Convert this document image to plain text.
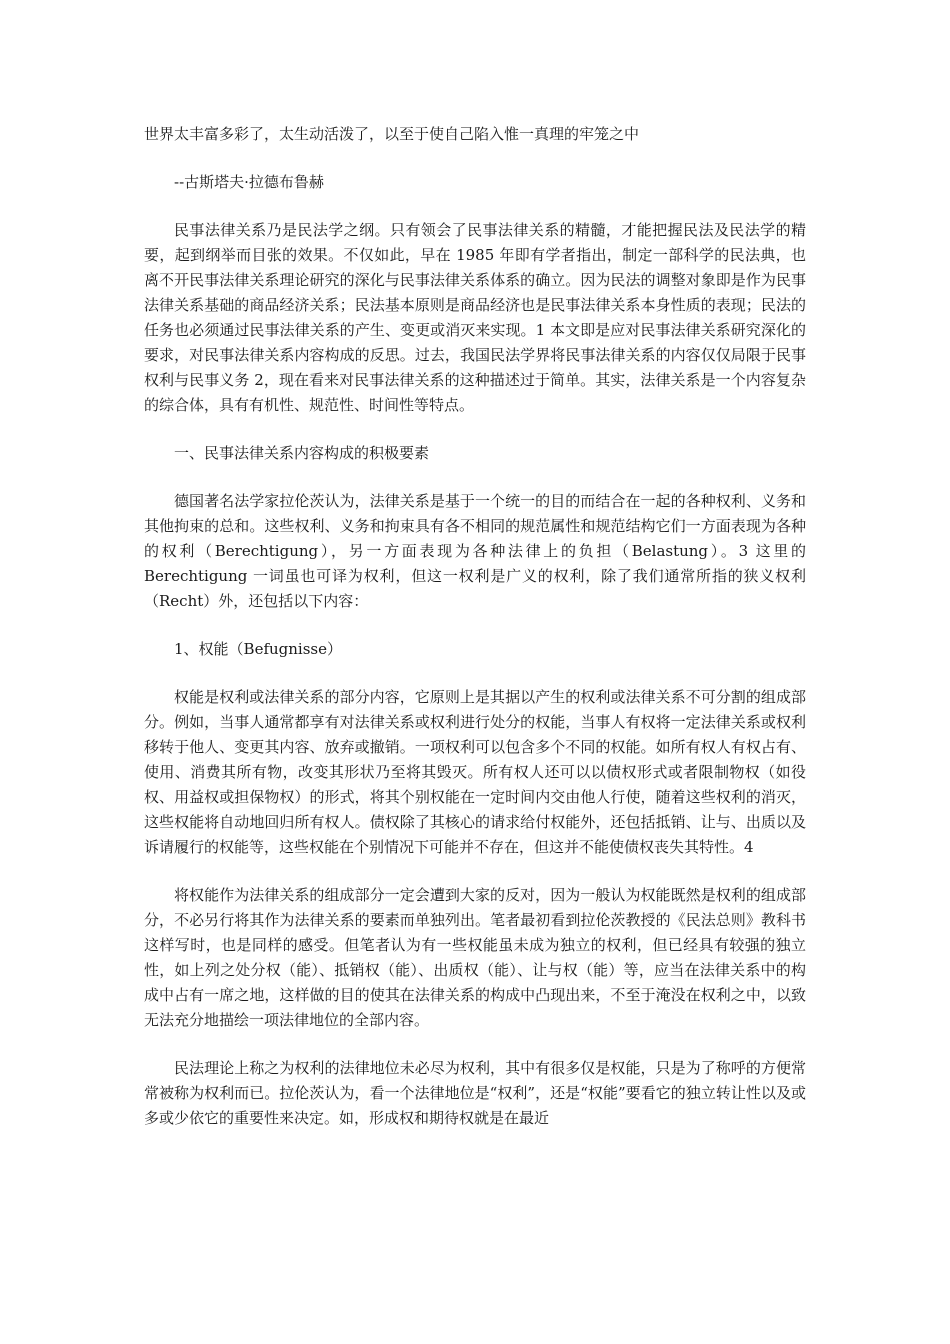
世界太丰富多彩了，太生动活泼了，以至于使自己陷入惟一真理的牢笼之中

--古斯塔夫·拉德布鲁赫

民事法律关系乃是民法学之纲。只有领会了民事法律关系的精髓，才能把握民法及民法学的精要，起到纲举而目张的效果。不仅如此，早在 1985 年即有学者指出，制定一部科学的民法典，也离不开民事法律关系理论研究的深化与民事法律关系体系的确立。因为民法的调整对象即是作为民事法律关系基础的商品经济关系；民法基本原则是商品经济也是民事法律关系本身性质的表现；民法的任务也必须通过民事法律关系的产生、变更或消灭来实现。1 本文即是应对民事法律关系研究深化的要求，对民事法律关系内容构成的反思。过去，我国民法学界将民事法律关系的内容仅仅局限于民事权利与民事义务 2，现在看来对民事法律关系的这种描述过于简单。其实，法律关系是一个内容复杂的综合体，具有有机性、规范性、时间性等特点。

一、民事法律关系内容构成的积极要素

德国著名法学家拉伦茨认为，法律关系是基于一个统一的目的而结合在一起的各种权利、义务和其他拘束的总和。这些权利、义务和拘束具有各不相同的规范属性和规范结构它们一方面表现为各种的权利（Berechtigung），另一方面表现为各种法律上的负担（Belastung）。3 这里的 Berechtigung 一词虽也可译为权利，但这一权利是广义的权利，除了我们通常所指的狭义权利（Recht）外，还包括以下内容：

1、权能（Befugnisse）

权能是权利或法律关系的部分内容，它原则上是其据以产生的权利或法律关系不可分割的组成部分。例如，当事人通常都享有对法律关系或权利进行处分的权能，当事人有权将一定法律关系或权利移转于他人、变更其内容、放弃或撤销。一项权利可以包含多个不同的权能。如所有权人有权占有、使用、消费其所有物，改变其形状乃至将其毁灭。所有权人还可以以债权形式或者限制物权（如役权、用益权或担保物权）的形式，将其个别权能在一定时间内交由他人行使，随着这些权利的消灭，这些权能将自动地回归所有权人。债权除了其核心的请求给付权能外，还包括抵销、让与、出质以及诉请履行的权能等，这些权能在个别情况下可能并不存在，但这并不能使债权丧失其特性。4

将权能作为法律关系的组成部分一定会遭到大家的反对，因为一般认为权能既然是权利的组成部分，不必另行将其作为法律关系的要素而单独列出。笔者最初看到拉伦茨教授的《民法总则》教科书这样写时，也是同样的感受。但笔者认为有一些权能虽未成为独立的权利，但已经具有较强的独立性，如上列之处分权（能）、抵销权（能）、出质权（能）、让与权（能）等，应当在法律关系中的构成中占有一席之地，这样做的目的使其在法律关系的构成中凸现出来，不至于淹没在权利之中，以致无法充分地描绘一项法律地位的全部内容。

民法理论上称之为权利的法律地位未必尽为权利，其中有很多仅是权能，只是为了称呼的方便常常被称为权利而已。拉伦茨认为，看一个法律地位是“权利”，还是“权能”要看它的独立转让性以及或多或少依它的重要性来决定。如，形成权和期待权就是在最近
